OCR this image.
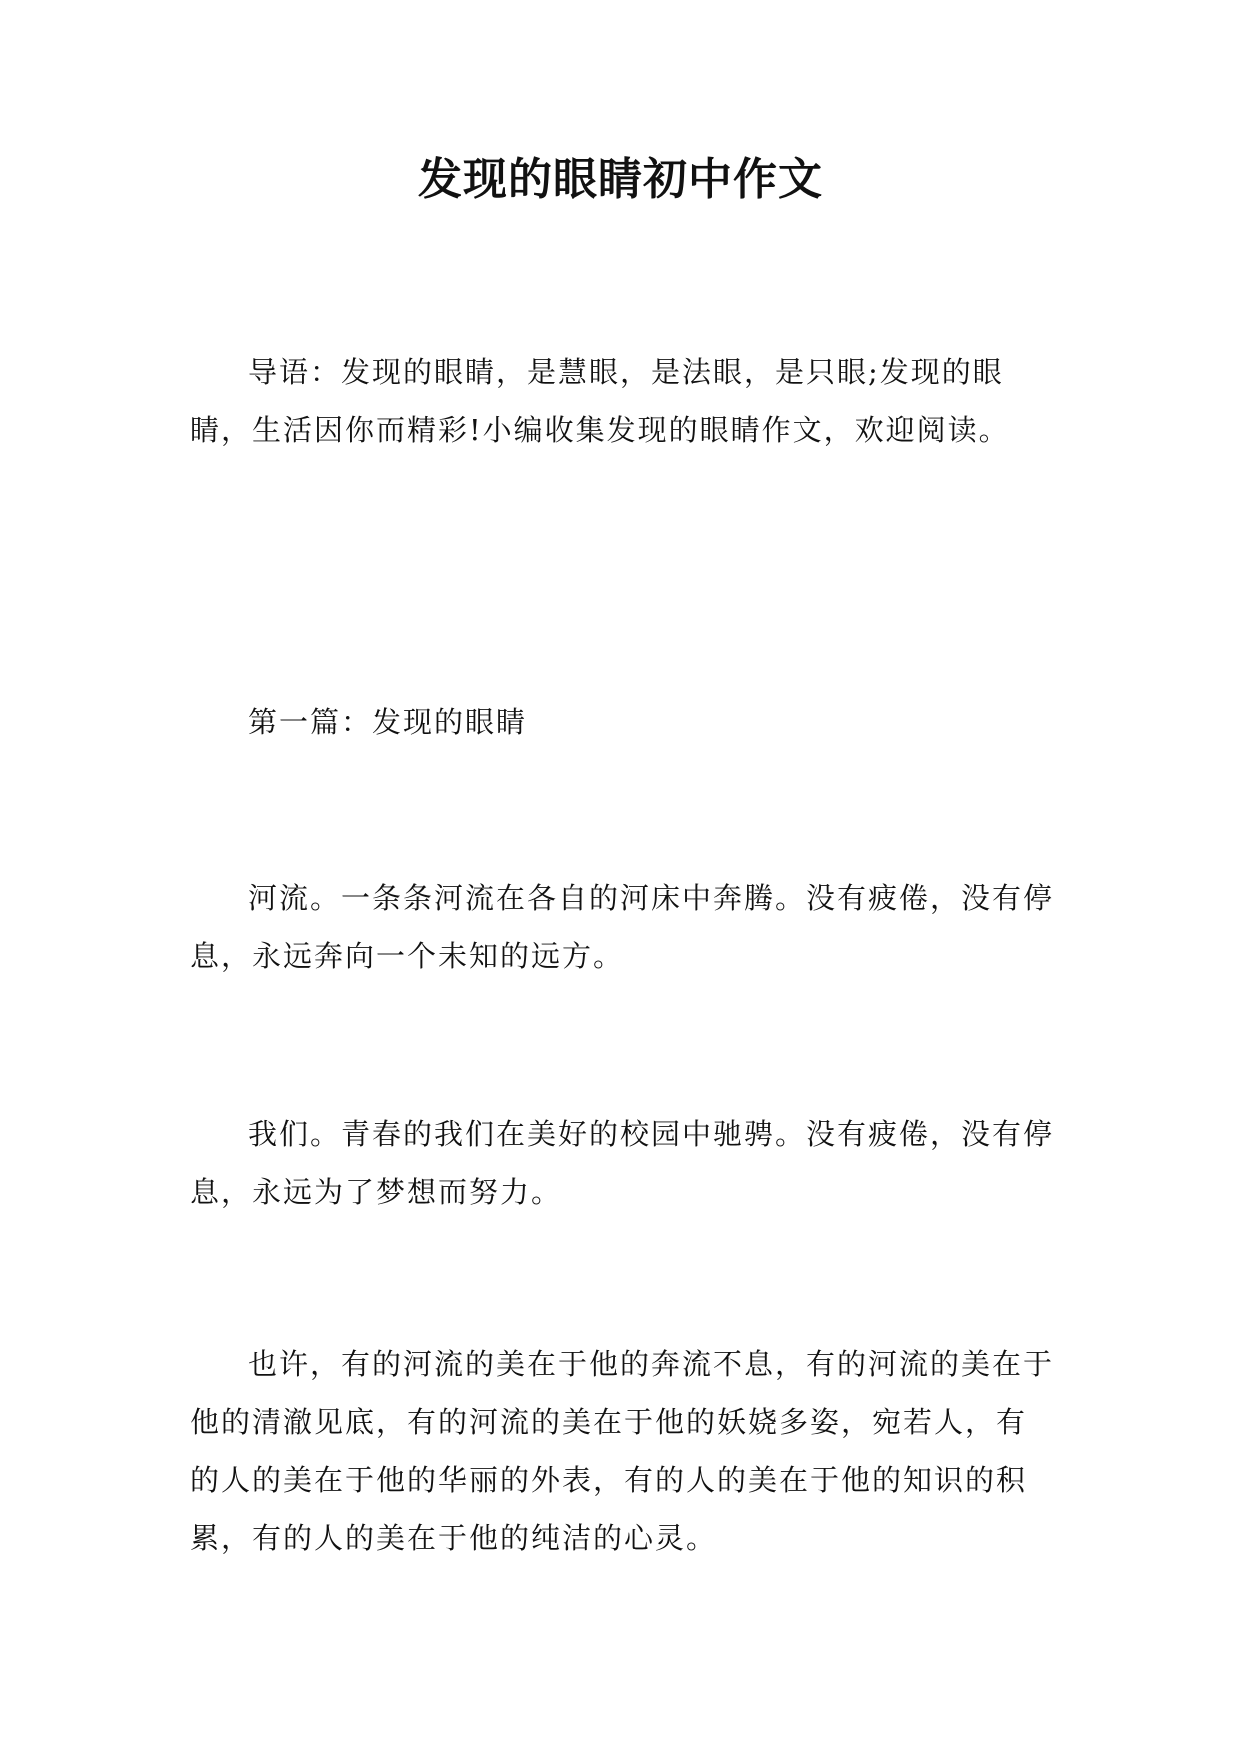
发现的眼睛初中作文

导语：发现的眼睛，是慧眼，是法眼，是只眼;发现的眼睛，生活因你而精彩!小编收集发现的眼睛作文，欢迎阅读。

第一篇：发现的眼睛

河流。一条条河流在各自的河床中奔腾。没有疲倦，没有停息，永远奔向一个未知的远方。

我们。青春的我们在美好的校园中驰骋。没有疲倦，没有停息，永远为了梦想而努力。

也许，有的河流的美在于他的奔流不息，有的河流的美在于他的清澈见底，有的河流的美在于他的妖娆多姿，宛若人，有的人的美在于他的华丽的外表，有的人的美在于他的知识的积累，有的人的美在于他的纯洁的心灵。
